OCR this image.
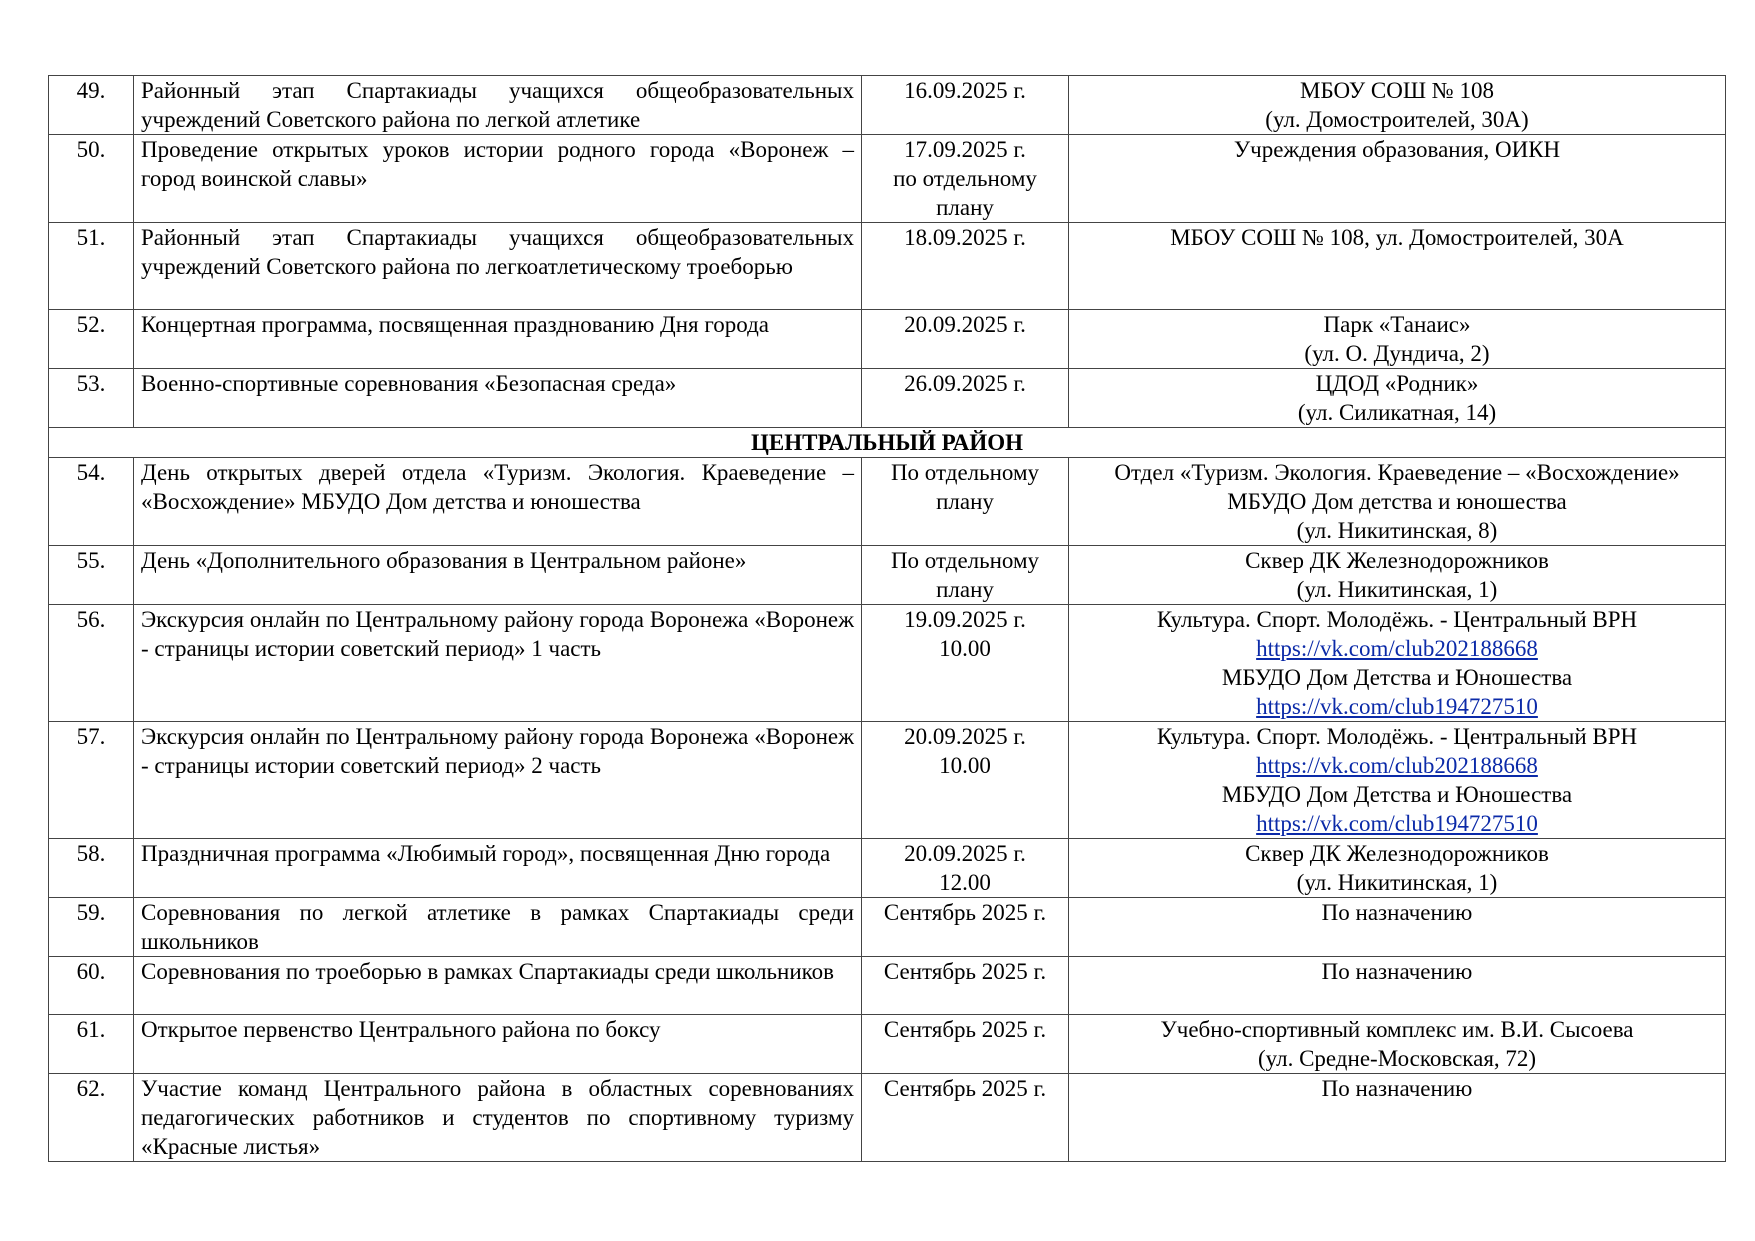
49.	Районный этап Спартакиады учащихся общеобразовательных учреждений Советского района по легкой атлетике	16.09.2025 г.	МБОУ СОШ № 108
(ул. Домостроителей, 30А)

50.	Проведение открытых уроков истории родного города «Воронеж – город воинской славы»	17.09.2025 г.
по отдельному плану	Учреждения образования, ОИКН

51.	Районный этап Спартакиады учащихся общеобразовательных учреждений Советского района по легкоатлетическому троеборью	18.09.2025 г.	МБОУ СОШ № 108, ул. Домостроителей, 30А

52.	Концертная программа, посвященная празднованию Дня города	20.09.2025 г.	Парк «Танаис»
(ул. О. Дундича, 2)

53.	Военно-спортивные соревнования «Безопасная среда»	26.09.2025 г.	ЦДОД «Родник»
(ул. Силикатная, 14)

ЦЕНТРАЛЬНЫЙ РАЙОН			
54.	День открытых дверей отдела «Туризм. Экология. Краеведение – «Восхождение» МБУДО Дом детства и юношества	По отдельному плану	Отдел «Туризм. Экология. Краеведение – «Восхождение»
МБУДО Дом детства и юношества
(ул. Никитинская, 8)

55.	День «Дополнительного образования в Центральном районе»	По отдельному плану	Сквер ДК Железнодорожников
(ул. Никитинская, 1)

56.	Экскурсия онлайн по Центральному району города Воронежа «Воронеж - страницы истории советский период» 1 часть	19.09.2025 г.
10.00	Культура. Спорт. Молодёжь. - Центральный ВРН
https://vk.com/club202188668
МБУДО Дом Детства и Юношества
https://vk.com/club194727510

57.	Экскурсия онлайн по Центральному району города Воронежа «Воронеж - страницы истории советский период» 2 часть	20.09.2025 г.
10.00	Культура. Спорт. Молодёжь. - Центральный ВРН
https://vk.com/club202188668
МБУДО Дом Детства и Юношества
https://vk.com/club194727510

58.	Праздничная программа «Любимый город», посвященная Дню города	20.09.2025 г.
12.00	Сквер ДК Железнодорожников
(ул. Никитинская, 1)

59.	Соревнования по легкой атлетике в рамках Спартакиады среди школьников	Сентябрь 2025 г.	По назначению

60.	Соревнования по троеборью в рамках Спартакиады среди школьников	Сентябрь 2025 г.	По назначению

61.	Открытое первенство Центрального района по боксу	Сентябрь 2025 г.	Учебно-спортивный комплекс им. В.И. Сысоева
(ул. Средне-Московская, 72)

62.	Участие команд Центрального района в областных соревнованиях педагогических работников и студентов по спортивному туризму «Красные листья»	Сентябрь 2025 г.	По назначению
